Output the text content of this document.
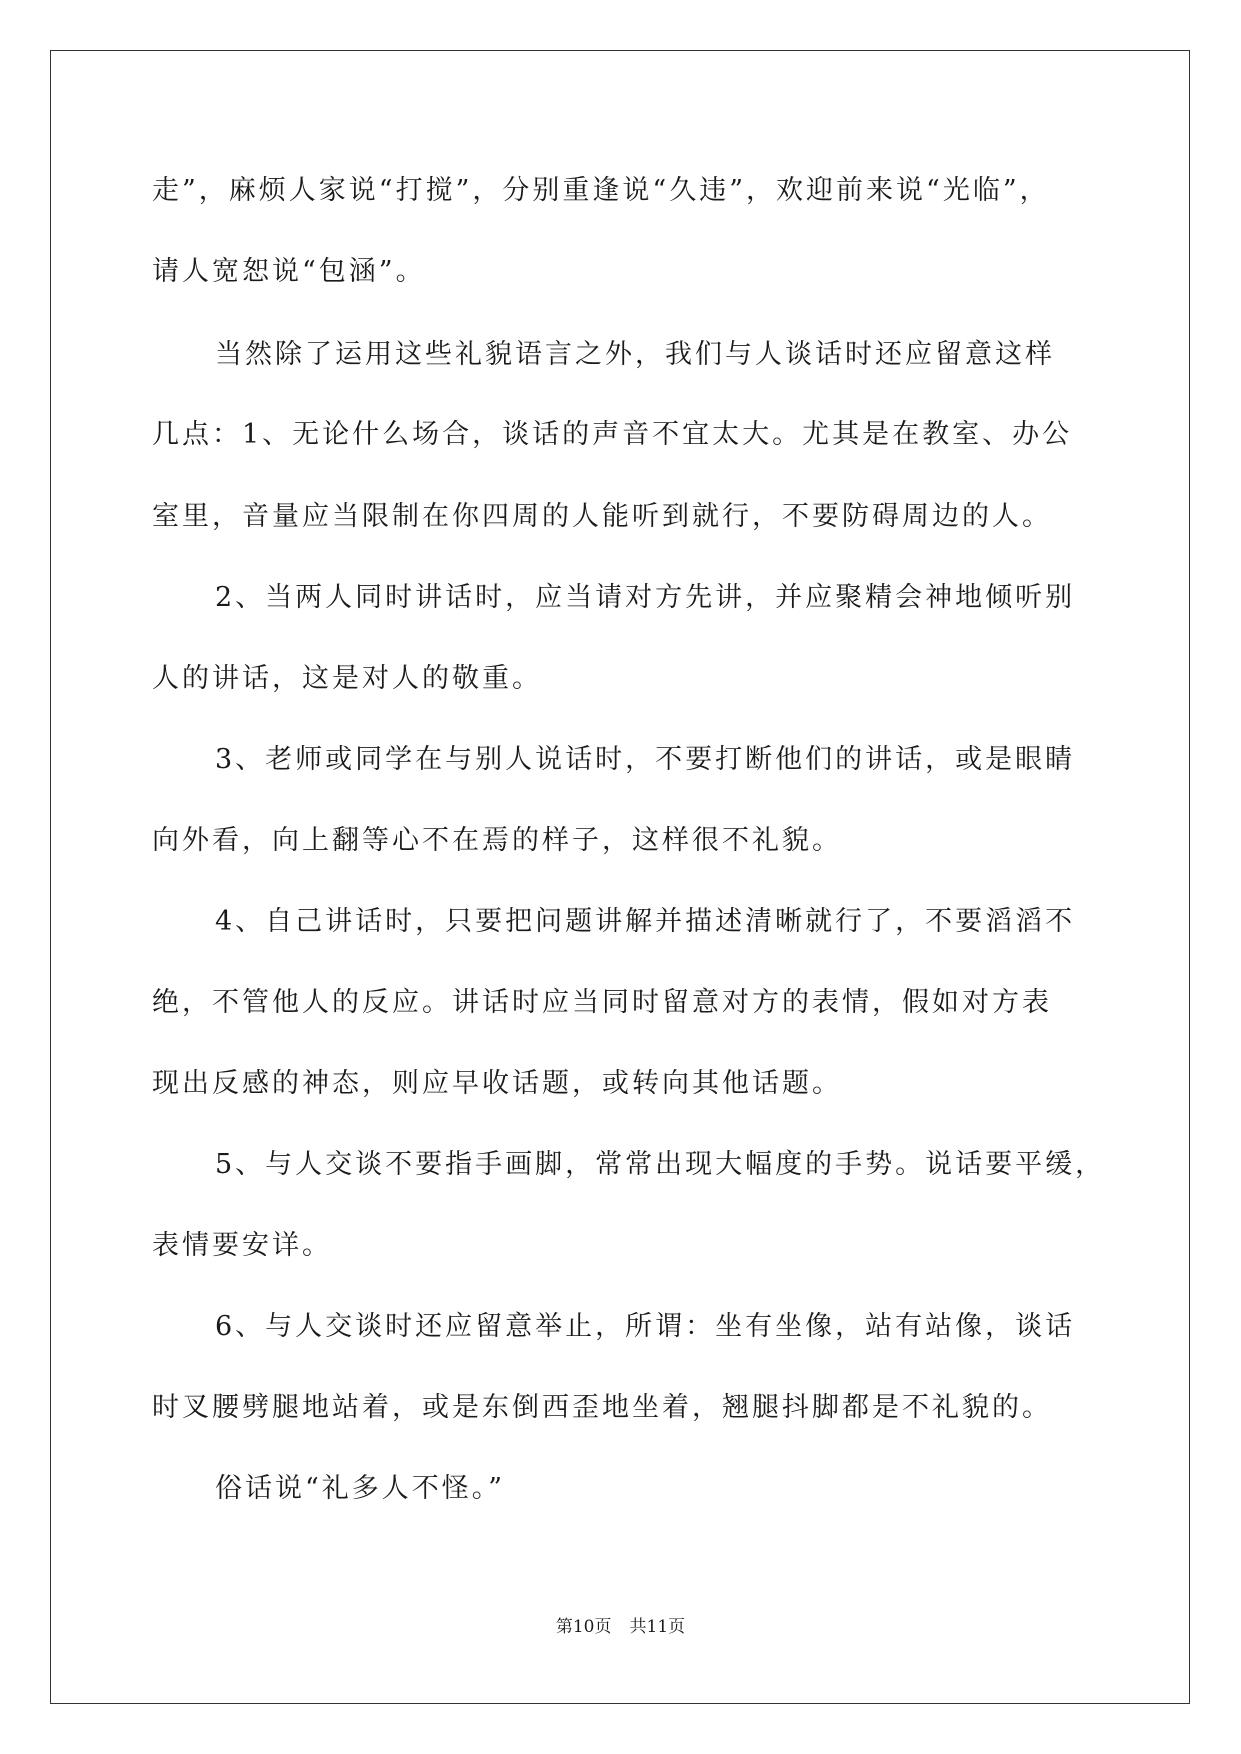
走”，麻烦人家说“打搅”，分别重逢说“久违”，欢迎前来说“光临”，
请人宽恕说“包涵”。
当然除了运用这些礼貌语言之外，我们与人谈话时还应留意这样
几点：1、无论什么场合，谈话的声音不宜太大。尤其是在教室、办公
室里，音量应当限制在你四周的人能听到就行，不要防碍周边的人。
2、当两人同时讲话时，应当请对方先讲，并应聚精会神地倾听别
人的讲话，这是对人的敬重。
3、老师或同学在与别人说话时，不要打断他们的讲话，或是眼睛
向外看，向上翻等心不在焉的样子，这样很不礼貌。
4、自己讲话时，只要把问题讲解并描述清晰就行了，不要滔滔不
绝，不管他人的反应。讲话时应当同时留意对方的表情，假如对方表
现出反感的神态，则应早收话题，或转向其他话题。
5、与人交谈不要指手画脚，常常出现大幅度的手势。说话要平缓，
表情要安详。
6、与人交谈时还应留意举止，所谓：坐有坐像，站有站像，谈话
时叉腰劈腿地站着，或是东倒西歪地坐着，翘腿抖脚都是不礼貌的。
俗话说“礼多人不怪。”
第10页 共11页
